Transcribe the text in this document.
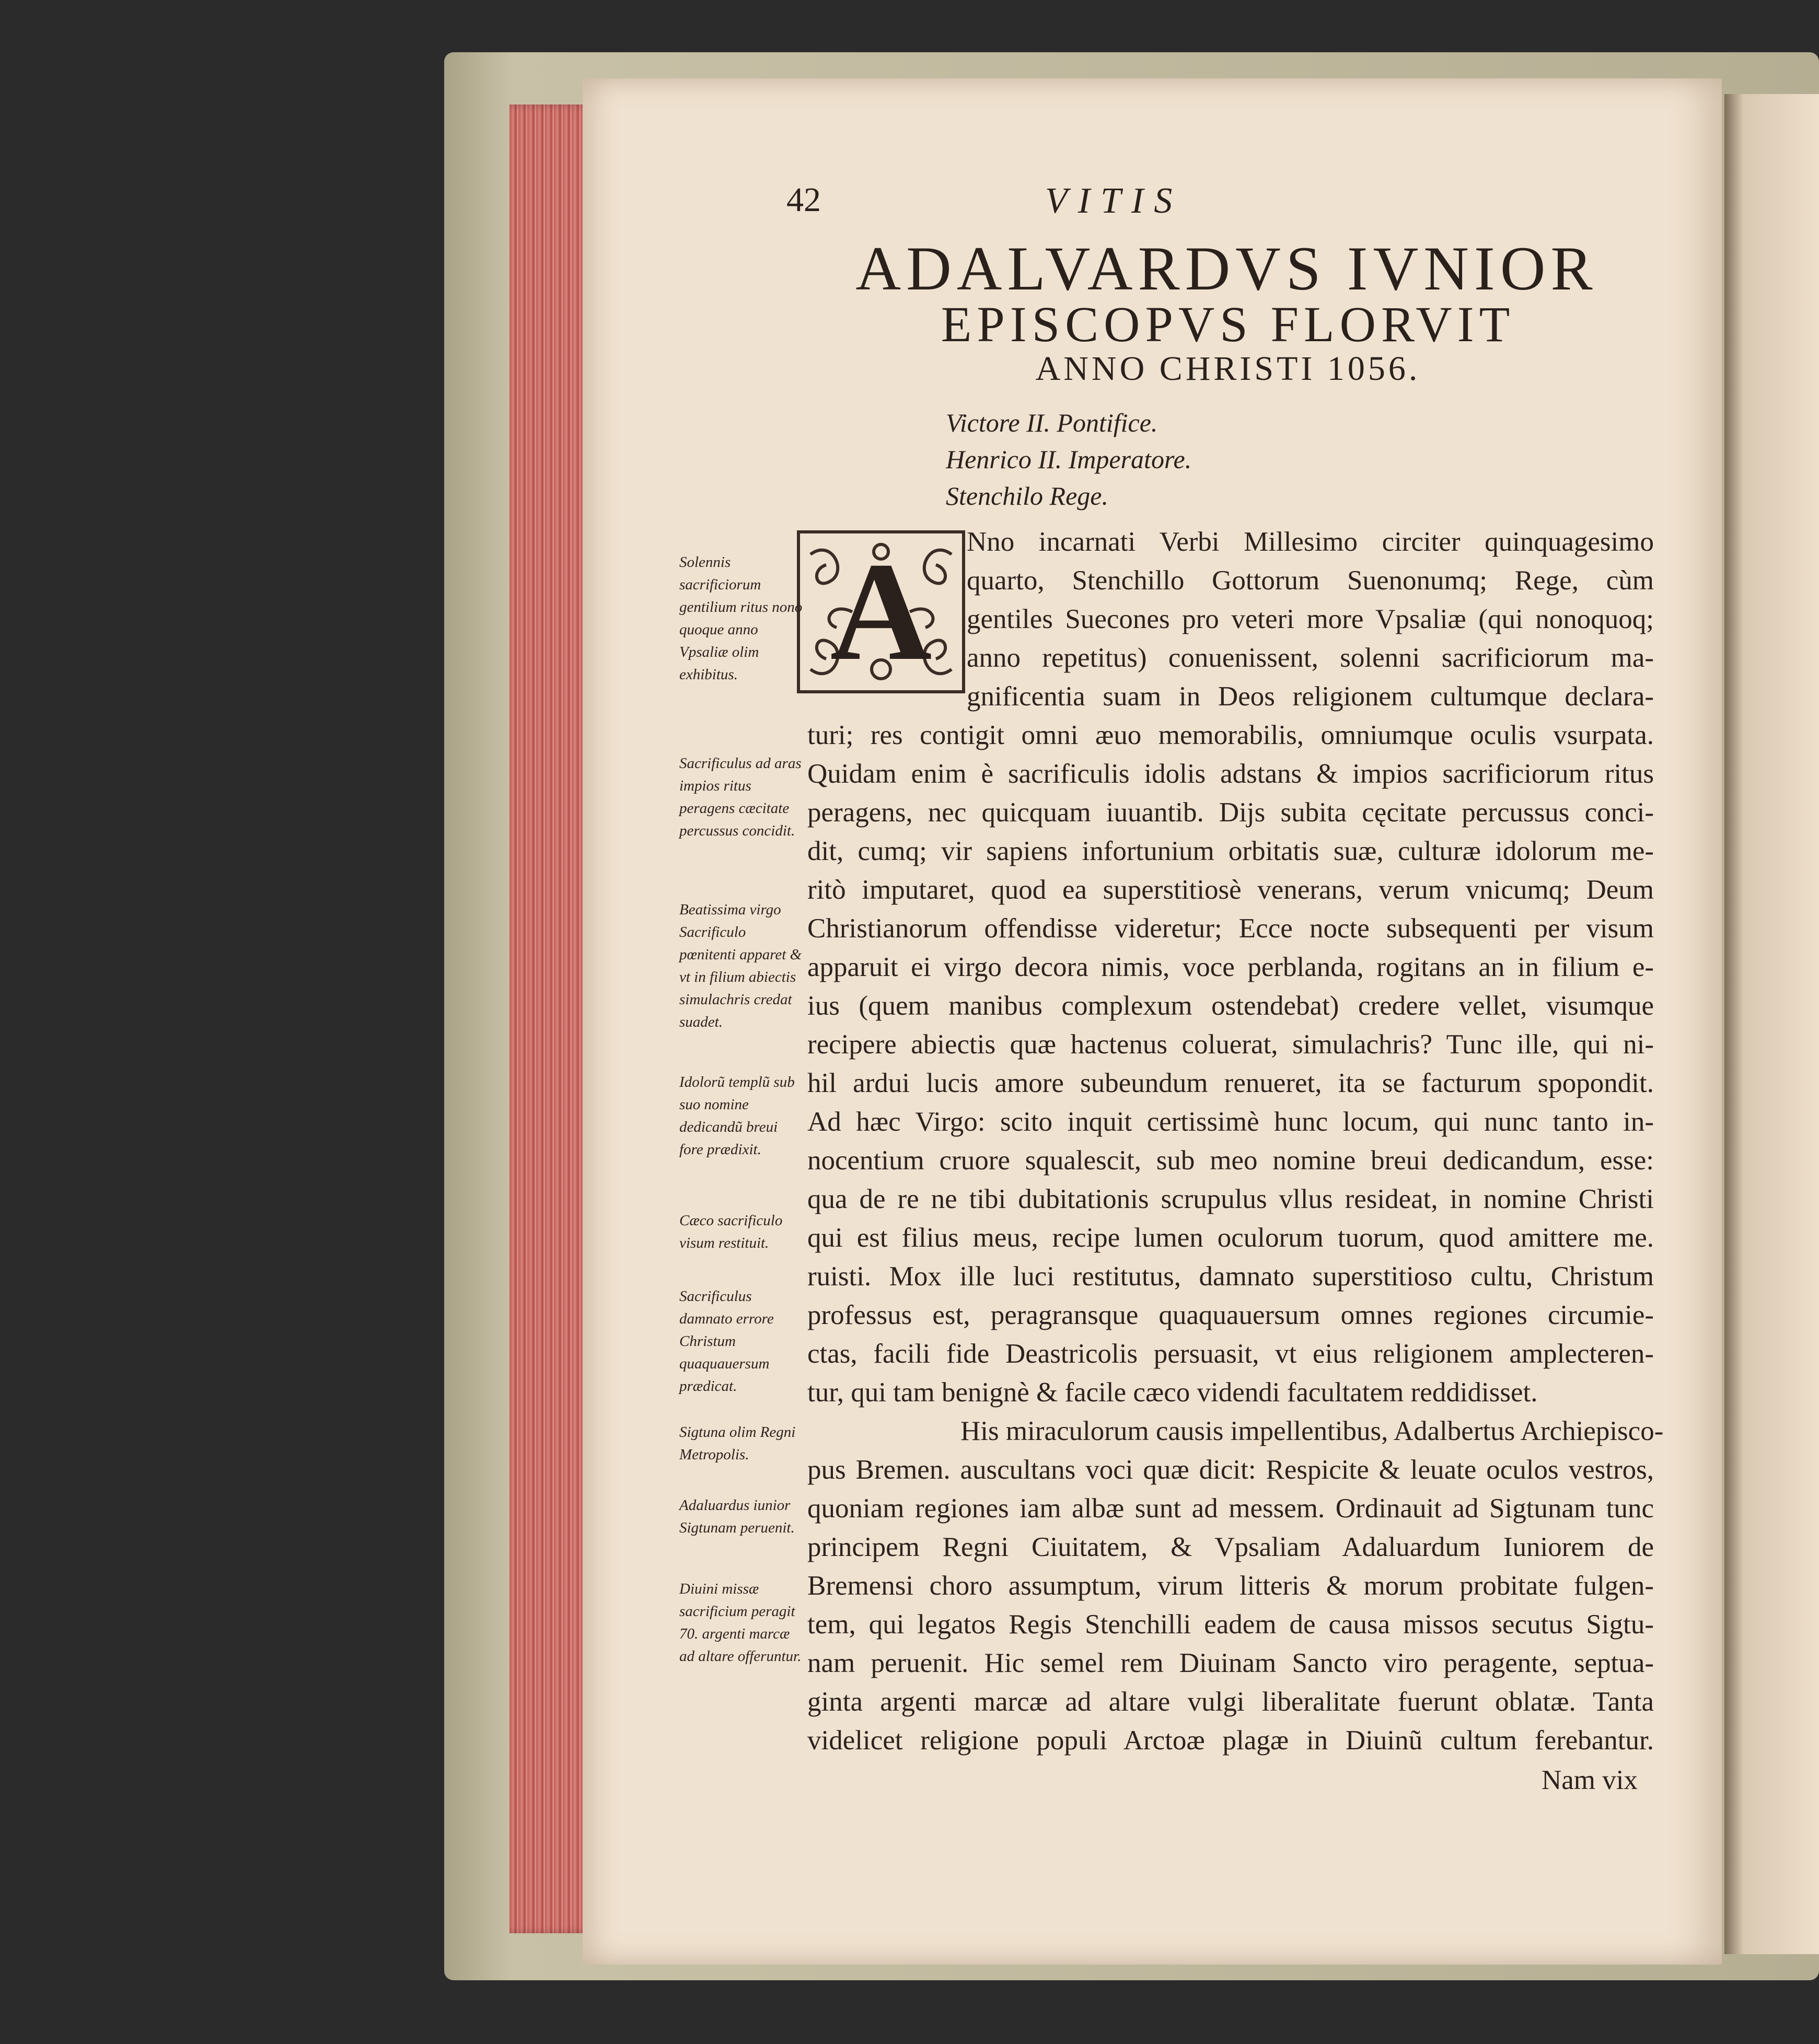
42	VITIS
ADALVARDVS IVNIOR
EPISCOPVS FLORVIT
ANNO CHRISTI 1056.
Victore II. Pontifice.
Henrico II. Imperatore.
Stenchilo Rege.
A	Nno incarnati Verbi Millesimo circiter quinquagesimo
quarto, Stenchillo Gottorum Suenonumq; Rege, cùm
gentiles Suecones pro veteri more Vpsaliæ (qui nonoquoq;
anno repetitus) conuenissent, solenni sacrificiorum ma-
gnificentia suam in Deos religionem cultumque declara-
turi; res contigit omni æuo memorabilis, omniumque oculis vsurpata.
Quidam enim è sacrificulis idolis adstans & impios sacrificiorum ritus
peragens, nec quicquam iuuantib. Dijs subita cęcitate percussus conci-
dit, cumq; vir sapiens infortunium orbitatis suæ, culturæ idolorum me-
ritò imputaret, quod ea superstitiosè venerans, verum vnicumq; Deum
Christianorum offendisse videretur; Ecce nocte subsequenti per visum
apparuit ei virgo decora nimis, voce perblanda, rogitans an in filium e-
ius (quem manibus complexum ostendebat) credere vellet, visumque
recipere abiectis quæ hactenus coluerat, simulachris? Tunc ille, qui ni-
hil ardui lucis amore subeundum renueret, ita se facturum spopondit.
Ad hæc Virgo: scito inquit certissimè hunc locum, qui nunc tanto in-
nocentium cruore squalescit, sub meo nomine breui dedicandum, esse:
qua de re ne tibi dubitationis scrupulus vllus resideat, in nomine Christi
qui est filius meus, recipe lumen oculorum tuorum, quod amittere me.
ruisti. Mox ille luci restitutus, damnato superstitioso cultu, Christum
professus est, peragransque quaquauersum omnes regiones circumie-
ctas, facili fide Deastricolis persuasit, vt eius religionem amplecteren-
tur, qui tam benignè & facile cæco videndi facultatem reddidisset.
His miraculorum causis impellentibus, Adalbertus Archiepisco-
pus Bremen. auscultans voci quæ dicit: Respicite & leuate oculos vestros,
quoniam regiones iam albæ sunt ad messem. Ordinauit ad Sigtunam tunc
principem Regni Ciuitatem, & Vpsaliam Adaluardum Iuniorem de
Bremensi choro assumptum, virum litteris & morum probitate fulgen-
tem, qui legatos Regis Stenchilli eadem de causa missos secutus Sigtu-
nam peruenit. Hic semel rem Diuinam Sancto viro peragente, septua-
ginta argenti marcæ ad altare vulgi liberalitate fuerunt oblatæ. Tanta
videlicet religione populi Arctoæ plagæ in Diuinũ cultum ferebantur.
Nam vix
Solennis sacrificiorum gentilium ritus nono quoque anno Vpsaliæ olim exhibitus.
Sacrificulus ad aras impios ritus peragens cæcitate percussus concidit.
Beatissima virgo Sacrificulo pœnitenti apparet & vt in filium abiectis simulachris credat suadet.
Idolorũ templũ sub suo nomine dedicandũ breui fore prædixit.
Cæco sacrificulo visum restituit.
Sacrificulus damnato errore Christum quaquauersum prædicat.
Sigtuna olim Regni Metropolis.
Adaluardus iunior Sigtunam peruenit.
Diuini missæ sacrificium peragit 70. argenti marcæ ad altare offeruntur.
